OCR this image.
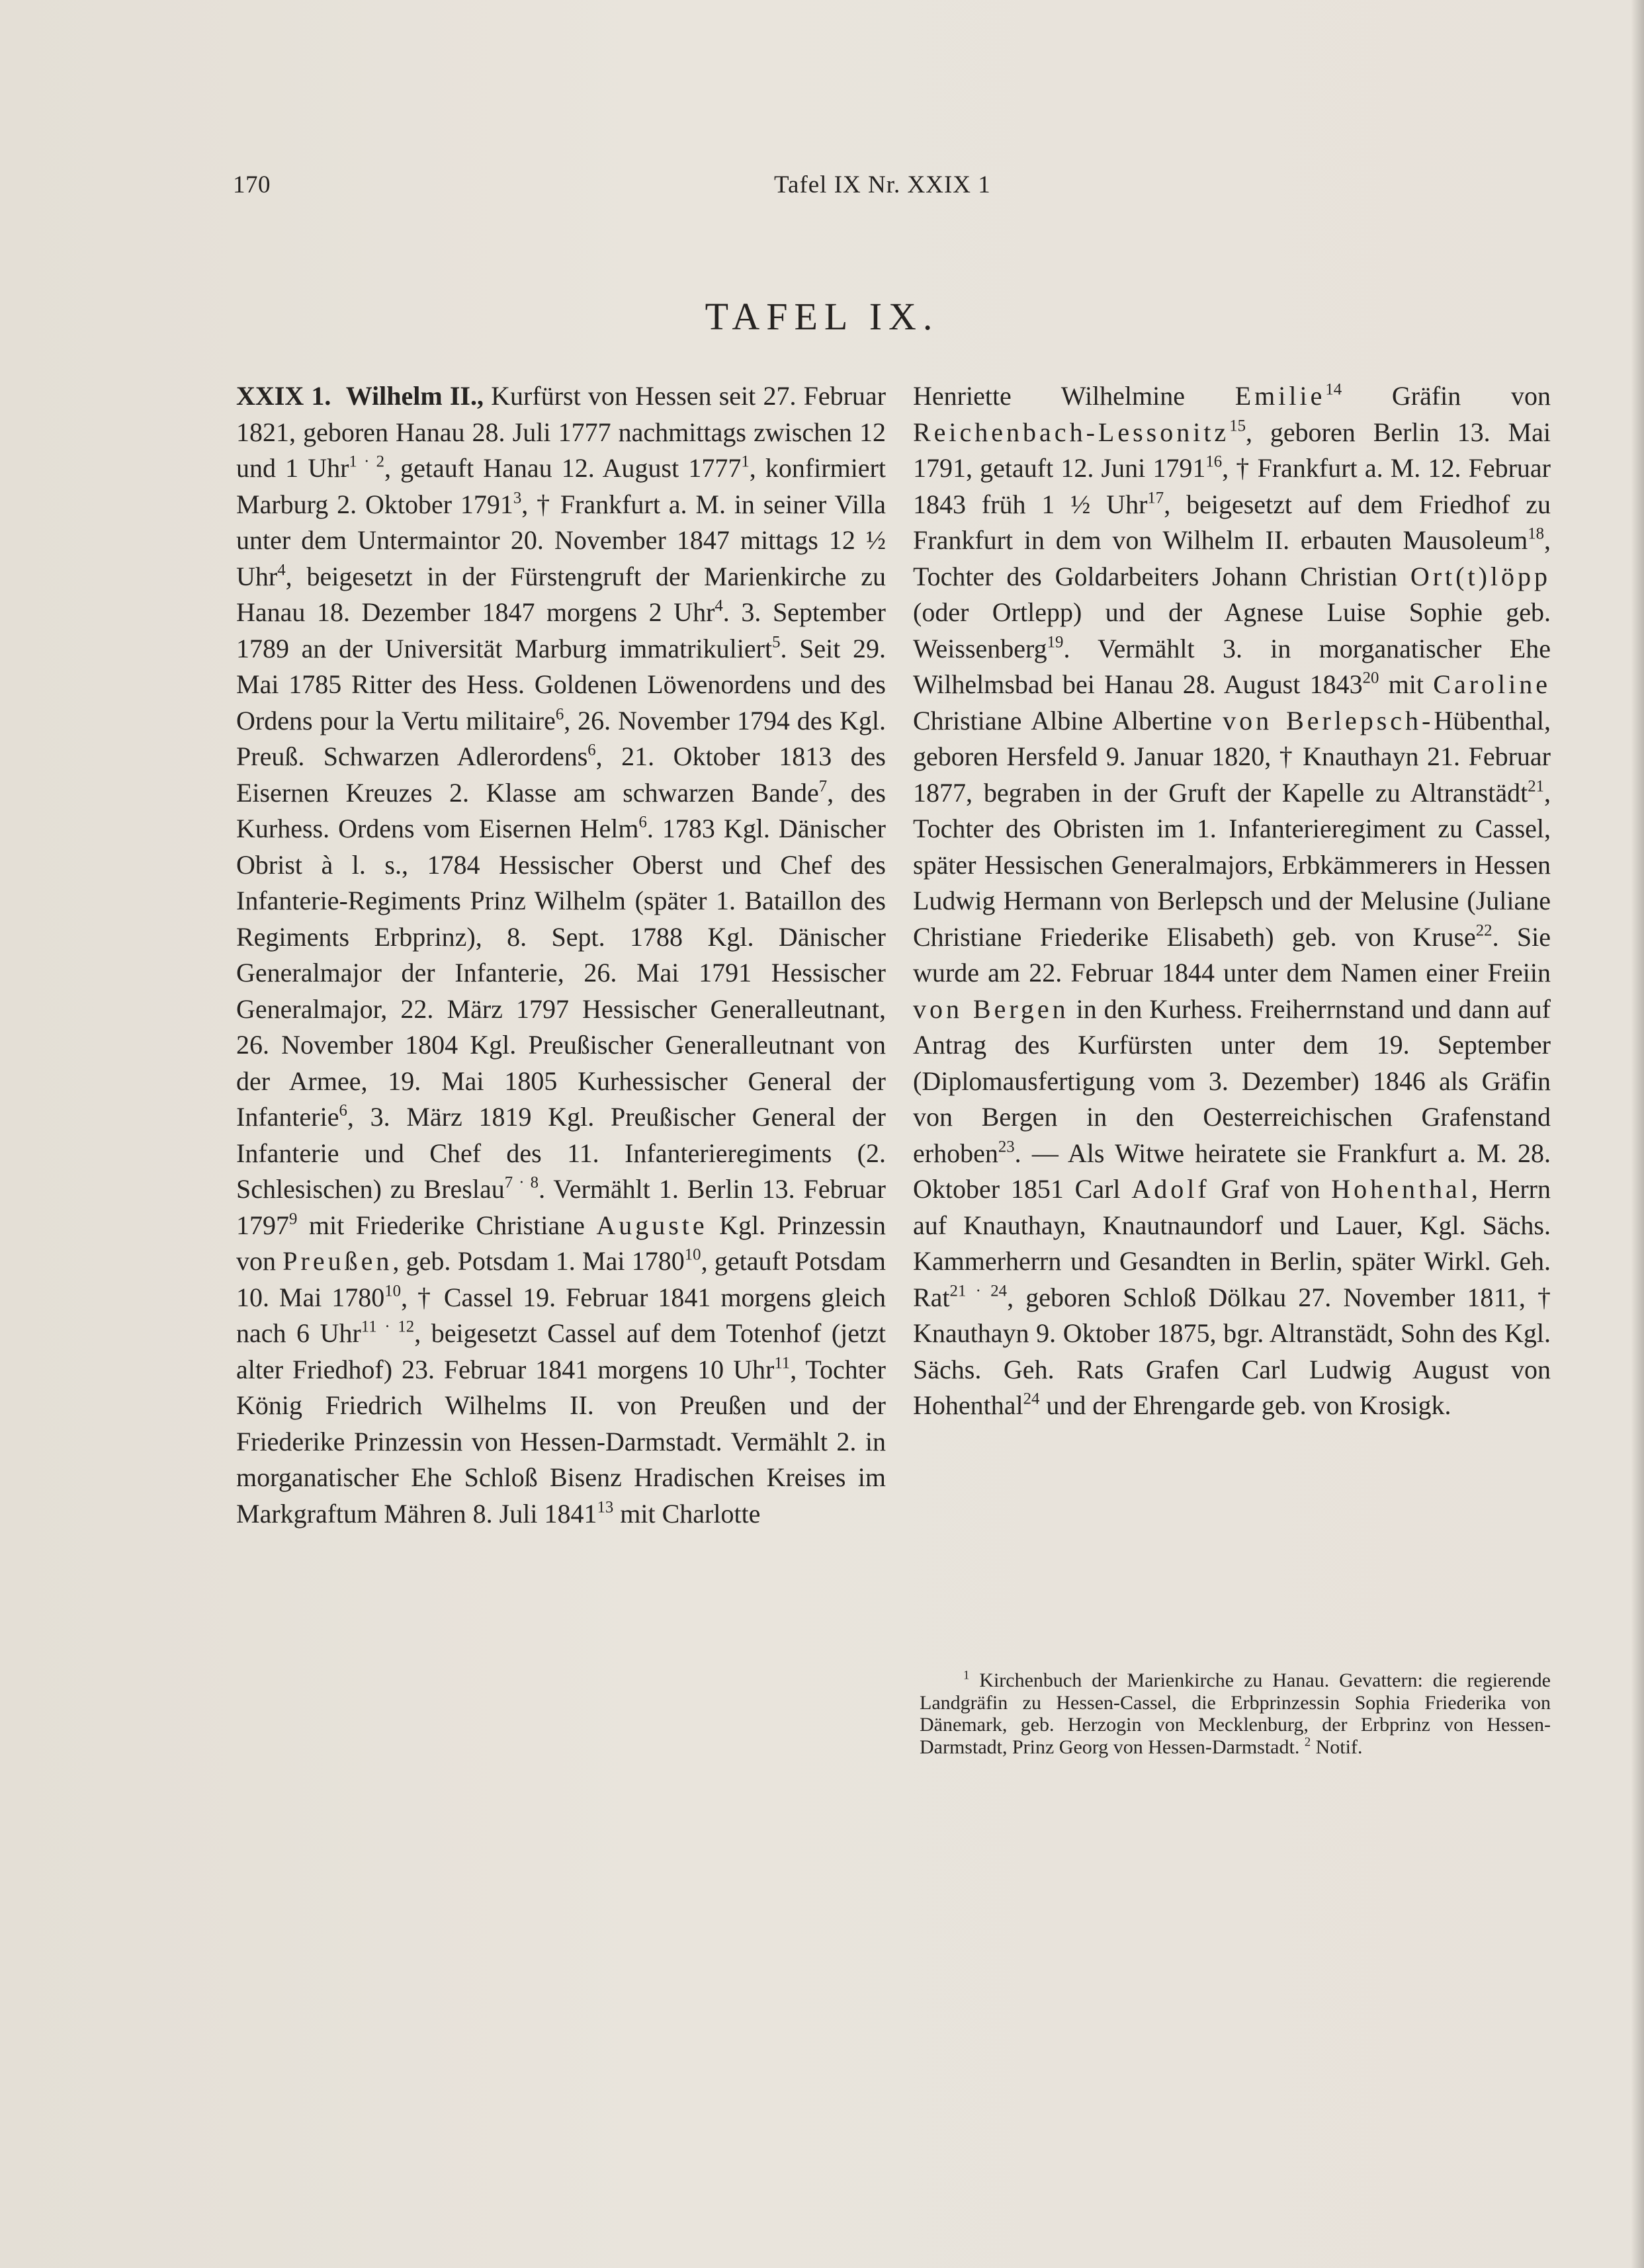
170	Tafel IX Nr. XXIX 1
TAFEL IX.

XXIX 1. Wilhelm II., Kurfürst von Hessen seit 27. Februar 1821, geboren Hanau 28. Juli 1777 nachmittags zwischen 12 und 1 Uhr$^{1 \cdot 2}$, getauft Hanau 12. August 1777$^1$, konfirmiert Marburg 2. Oktober 1791$^3$, † Frankfurt a. M. in seiner Villa unter dem Untermaintor 20. November 1847 mittags 12 ½ Uhr$^4$, beigesetzt in der Fürstengruft der Marienkirche zu Hanau 18. Dezember 1847 morgens 2 Uhr$^4$. 3. September 1789 an der Universität Marburg immatrikuliert$^5$. Seit 29. Mai 1785 Ritter des Hess. Goldenen Löwenordens und des Ordens pour la Vertu militaire$^6$, 26. November 1794 des Kgl. Preuß. Schwarzen Adlerordens$^6$, 21. Oktober 1813 des Eisernen Kreuzes 2. Klasse am schwarzen Bande$^7$, des Kurhess. Ordens vom Eisernen Helm$^6$. 1783 Kgl. Dänischer Obrist à l. s., 1784 Hessischer Oberst und Chef des Infanterie-Regiments Prinz Wilhelm (später 1. Bataillon des Regiments Erbprinz), 8. Sept. 1788 Kgl. Dänischer Generalmajor der Infanterie, 26. Mai 1791 Hessischer Generalmajor, 22. März 1797 Hessischer Generalleutnant, 26. November 1804 Kgl. Preußischer Generalleutnant von der Armee, 19. Mai 1805 Kurhessischer General der Infanterie$^6$, 3. März 1819 Kgl. Preußischer General der Infanterie und Chef des 11. Infanterieregiments (2. Schlesischen) zu Breslau$^{7 \cdot 8}$. Vermählt 1. Berlin 13. Februar 1797$^9$ mit Friederike Christiane Auguste Kgl. Prinzessin von Preußen, geb. Potsdam 1. Mai 1780$^{10}$, getauft Potsdam 10. Mai 1780$^{10}$, † Cassel 19. Februar 1841 morgens gleich nach 6 Uhr$^{11 \cdot 12}$, beigesetzt Cassel auf dem Totenhof (jetzt alter Friedhof) 23. Februar 1841 morgens 10 Uhr$^{11}$, Tochter König Friedrich Wilhelms II. von Preußen und der Friederike Prinzessin von Hessen-Darmstadt. Vermählt 2. in morganatischer Ehe Schloß Bisenz Hradischen Kreises im Markgraftum Mähren 8. Juli 1841$^{13}$ mit Charlotte

Henriette Wilhelmine Emilie$^{14}$ Gräfin von Reichenbach-Lessonitz$^{15}$, geboren Berlin 13. Mai 1791, getauft 12. Juni 1791$^{16}$, † Frankfurt a. M. 12. Februar 1843 früh 1 ½ Uhr$^{17}$, beigesetzt auf dem Friedhof zu Frankfurt in dem von Wilhelm II. erbauten Mausoleum$^{18}$, Tochter des Goldarbeiters Johann Christian Ort(t)löpp (oder Ortlepp) und der Agnese Luise Sophie geb. Weissenberg$^{19}$. Vermählt 3. in morganatischer Ehe Wilhelmsbad bei Hanau 28. August 1843$^{20}$ mit Caroline Christiane Albine Albertine von Berlepsch-Hübenthal, geboren Hersfeld 9. Januar 1820, † Knauthayn 21. Februar 1877, begraben in der Gruft der Kapelle zu Altranstädt$^{21}$, Tochter des Obristen im 1. Infanterieregiment zu Cassel, später Hessischen Generalmajors, Erbkämmerers in Hessen Ludwig Hermann von Berlepsch und der Melusine (Juliane Christiane Friederike Elisabeth) geb. von Kruse$^{22}$. Sie wurde am 22. Februar 1844 unter dem Namen einer Freiin von Bergen in den Kurhess. Freiherrnstand und dann auf Antrag des Kurfürsten unter dem 19. September (Diplomausfertigung vom 3. Dezember) 1846 als Gräfin von Bergen in den Oesterreichischen Grafenstand erhoben$^{23}$. — Als Witwe heiratete sie Frankfurt a. M. 28. Oktober 1851 Carl Adolf Graf von Hohenthal, Herrn auf Knauthayn, Knautnaundorf und Lauer, Kgl. Sächs. Kammerherrn und Gesandten in Berlin, später Wirkl. Geh. Rat$^{21 \cdot 24}$, geboren Schloß Dölkau 27. November 1811, † Knauthayn 9. Oktober 1875, bgr. Altranstädt, Sohn des Kgl. Sächs. Geh. Rats Grafen Carl Ludwig August von Hohenthal$^{24}$ und der Ehrengarde geb. von Krosigk.

$^1$ Kirchenbuch der Marienkirche zu Hanau. Gevattern: die regierende Landgräfin zu Hessen-Cassel, die Erbprinzessin Sophia Friederika von Dänemark, geb. Herzogin von Mecklenburg, der Erbprinz von Hessen-Darmstadt, Prinz Georg von Hessen-Darmstadt. $^2$ Notif.
